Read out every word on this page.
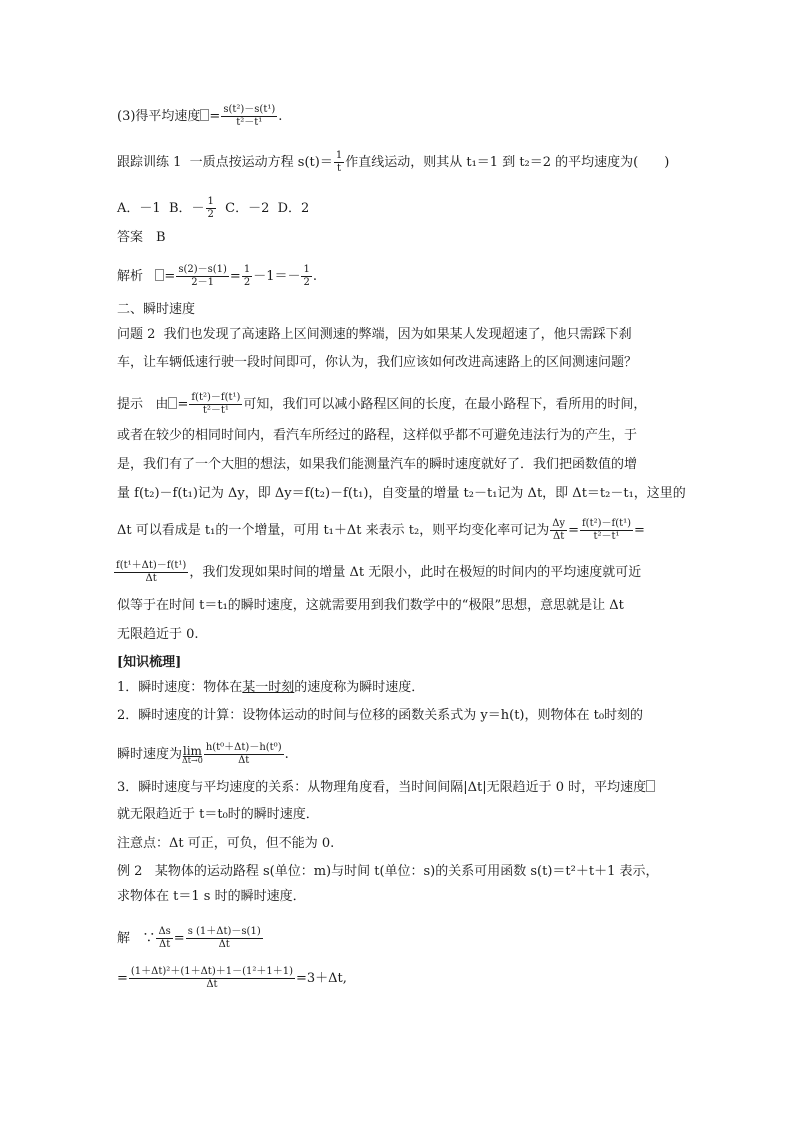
(3)得平均速度 = $\frac{\text{s(t²)－s(t¹)}}{\text{t²－t¹}}$ .
跟踪训练 1 一质点按运动方程 $s(t)= \frac{1}{t}$ 作直线运动，则其从 t₁＝1 到 t₂＝2 的平均速度为(　　)
A．－1 B．－ $\frac{1}{2}$ C．－2 D．2
答案　B
解析 = $\frac{s(2)-s(1)}{2-1} = \frac{1}{2} -1=- \frac{1}{2}$ .
二、瞬时速度
问题 2 我们也发现了高速路上区间测速的弊端，因为如果某人发现超速了，他只需踩下刹
车，让车辆低速行驶一段时间即可，你认为，我们应该如何改进高速路上的区间测速问题？
提示 由 = $\frac{\text{f(t²)－f(t¹)}}{\text{t²－t¹}}$ 可知，我们可以减小路程区间的长度，在最小路程下，看所用的时间，
或者在较少的相同时间内，看汽车所经过的路程，这样似乎都不可避免违法行为的产生，于
是，我们有了一个大胆的想法，如果我们能测量汽车的瞬时速度就好了．我们把函数值的增
量 f(t₂)－f(t₁)记为 Δy，即 Δy＝f(t₂)－f(t₁)，自变量的增量 t₂－t₁记为 Δt，即 Δt＝t₂－t₁，这里的
Δt 可以看成是 t₁的一个增量，可用 t₁＋Δt 来表示 t₂，则平均变化率可记为 $\frac{\Delta y}{\Delta t} = \frac{\text{f(t²)－f(t¹)}}{\text{t²－t¹}}$ =
$\frac{\text{f(t¹＋Δt)－f(t¹)}}{\Delta t}$ ，我们发现如果时间的增量 Δt 无限小，此时在极短的时间内的平均速度就可近
似等于在时间 t＝t₁的瞬时速度，这就需要用到我们数学中的“极限”思想，意思就是让 Δt
无限趋近于 0.
[知识梳理]
1．瞬时速度：物体在某一时刻的速度称为瞬时速度．
2．瞬时速度的计算：设物体运动的时间与位移的函数关系式为 y＝h(t)，则物体在 t₀时刻的
瞬时速度为lim
$\Delta t\to 0 \frac{\text{h(t⁰＋Δt)－h(t⁰)}}{\Delta t}$ .
3．瞬时速度与平均速度的关系：从物理角度看，当时间间隔|Δt|无限趋近于 0 时，平均速度
就无限趋近于 t＝t₀时的瞬时速度．
注意点：Δt 可正，可负，但不能为 0.
例 2 某物体的运动路程 s(单位：m)与时间 t(单位：s)的关系可用函数 s(t)＝t²＋t＋1 表示，
求物体在 t＝1 s 时的瞬时速度．
解 ∵ $\frac{\Delta s}{\Delta t} = \frac{s (1+\Delta t)-s(1)}{\Delta t}$
= $\frac{\text{(1＋Δt)²＋(1＋Δt)＋1－(1²＋1＋1)}}{\Delta t} =3+\Delta t$,
